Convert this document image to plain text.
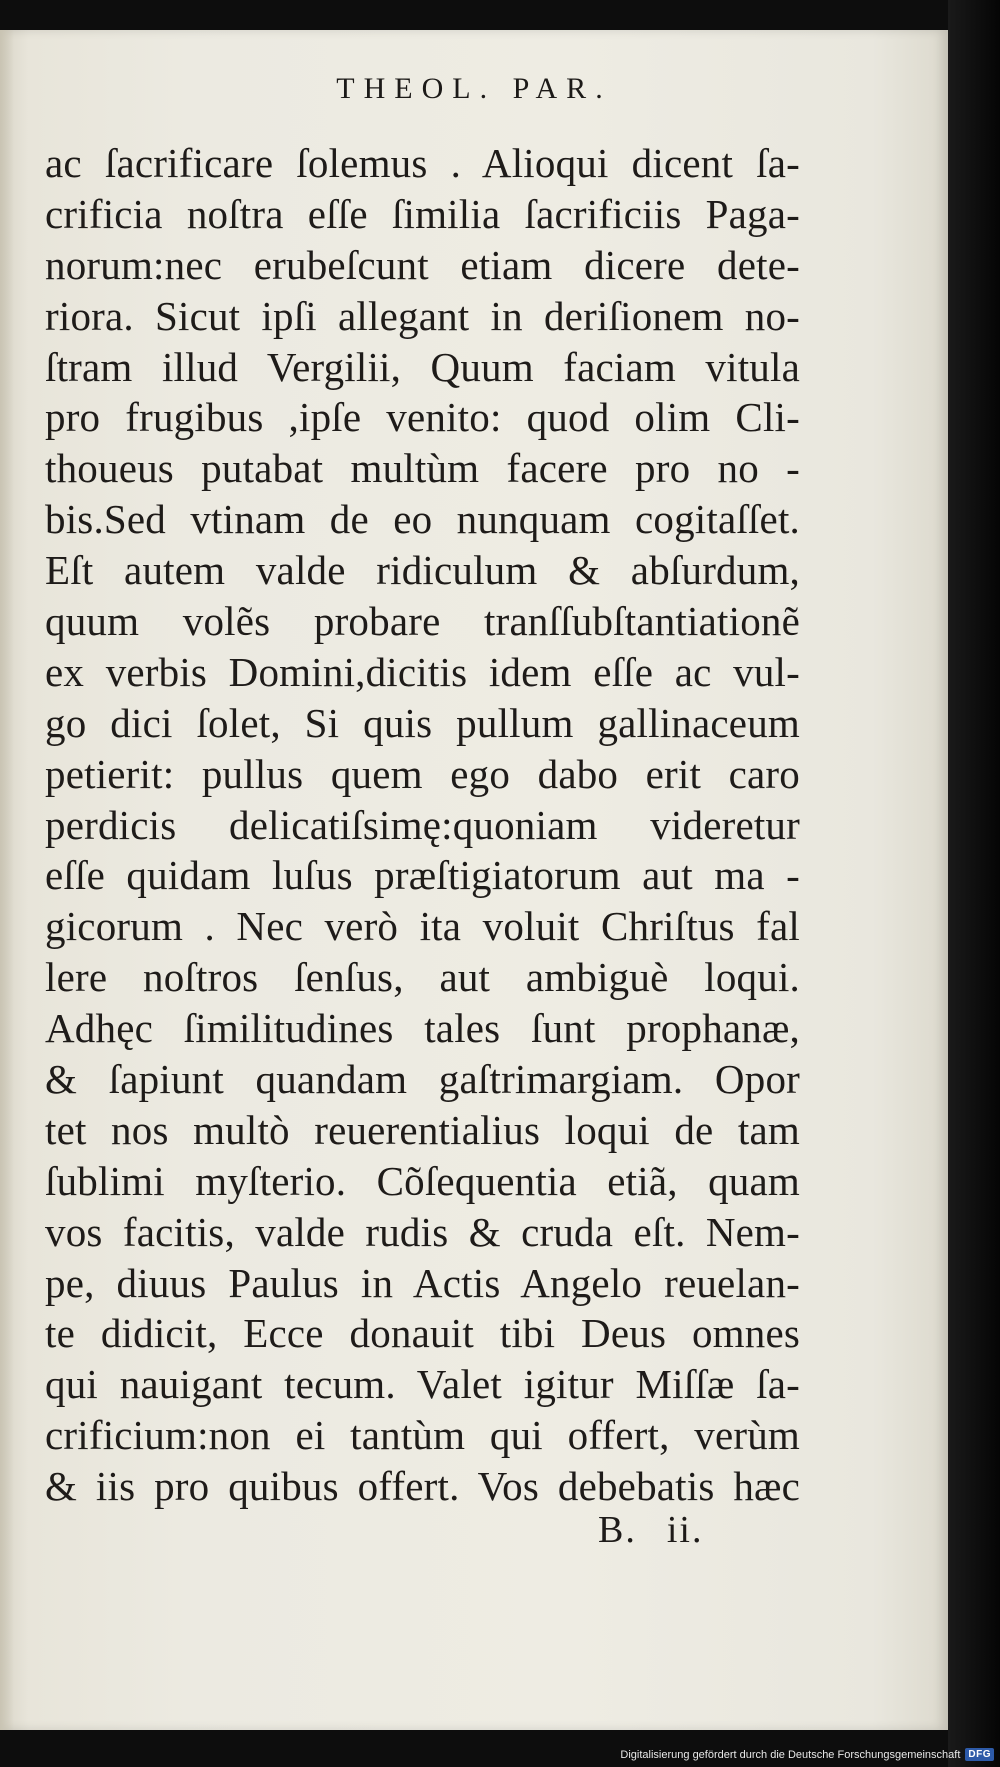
THEOL. PAR.
ac ſacrificare ſolemus . Alioqui dicent ſa-
crificia noſtra eſſe ſimilia ſacrificiis Paga-
norum:nec erubeſcunt etiam dicere dete-
riora. Sicut ipſi allegant in deriſionem no-
ſtram illud Vergilii, Quum faciam vitula
pro frugibus ,ipſe venito: quod olim Cli-
thoueus putabat multùm facere pro no -
bis.Sed vtinam de eo nunquam cogitaſſet.
Eſt autem valde ridiculum & abſurdum,
quum volẽs probare tranſſubſtantiationẽ
ex verbis Domini,dicitis idem eſſe ac vul-
go dici ſolet, Si quis pullum gallinaceum
petierit: pullus quem ego dabo erit caro
perdicis delicatiſsimę:quoniam videretur
eſſe quidam luſus præſtigiatorum aut ma -
gicorum . Nec verò ita voluit Chriſtus fal
lere noſtros ſenſus, aut ambiguè loqui.
Adhęc ſimilitudines tales ſunt prophanæ,
& ſapiunt quandam gaſtrimargiam. Opor
tet nos multò reuerentialius loqui de tam
ſublimi myſterio. Cõſequentia etiã, quam
vos facitis, valde rudis & cruda eſt. Nem-
pe, diuus Paulus in Actis Angelo reuelan-
te didicit, Ecce donauit tibi Deus omnes
qui nauigant tecum. Valet igitur Miſſæ ſa-
crificium:non ei tantùm qui offert, verùm
& iis pro quibus offert. Vos debebatis hæc
B. ii.
Digitalisierung gefördert durch die Deutsche Forschungsgemeinschaft DFG
